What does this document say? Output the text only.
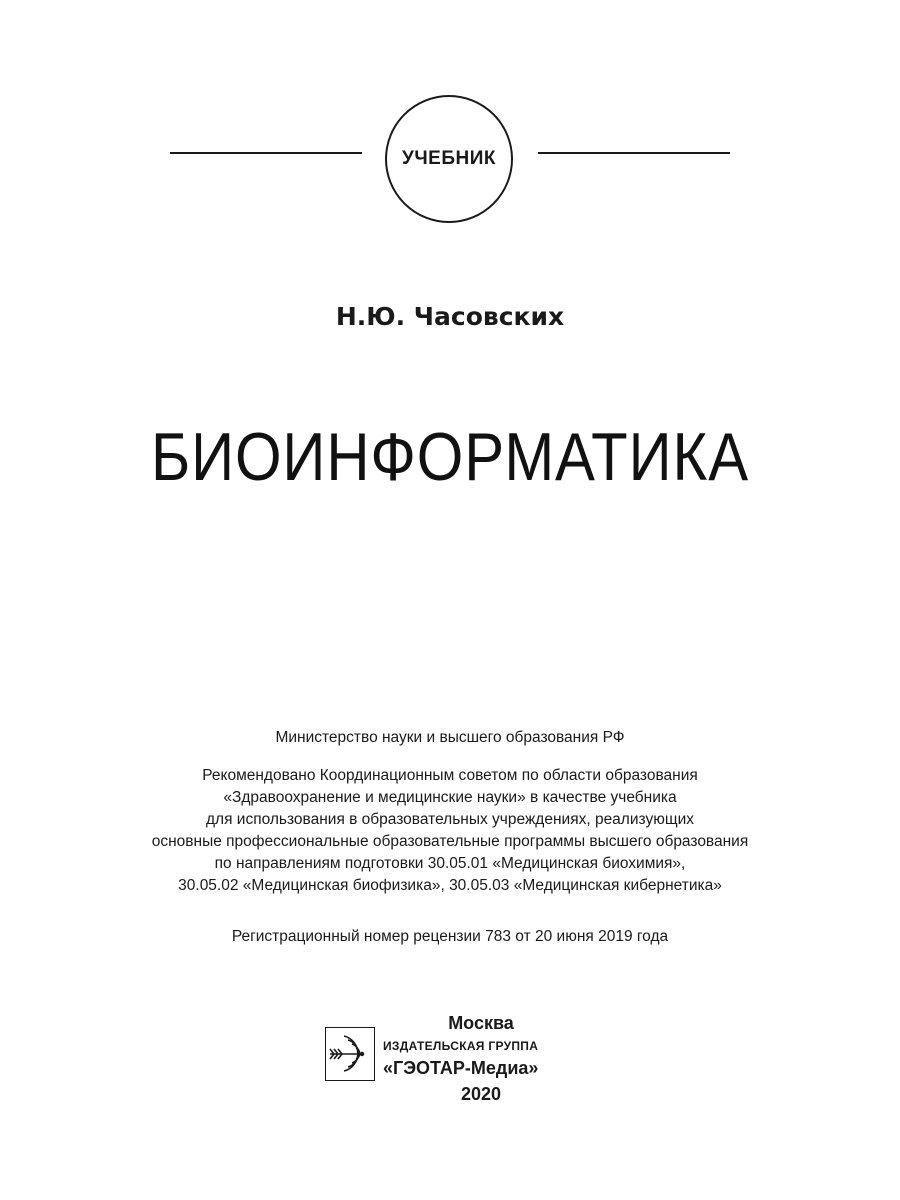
УЧЕБНИК
Н.Ю. Часовских
БИОИНФОРМАТИКА
Министерство науки и высшего образования РФ
Рекомендовано Координационным советом по области образования
«Здравоохранение и медицинские науки» в качестве учебника
для использования в образовательных учреждениях, реализующих
основные профессиональные образовательные программы высшего образования
по направлениям подготовки 30.05.01 «Медицинская биохимия»,
30.05.02 «Медицинская биофизика», 30.05.03 «Медицинская кибернетика»
Регистрационный номер рецензии 783 от 20 июня 2019 года
Москва
ИЗДАТЕЛЬСКАЯ ГРУППА
«ГЭОТАР-Медиа»
2020
